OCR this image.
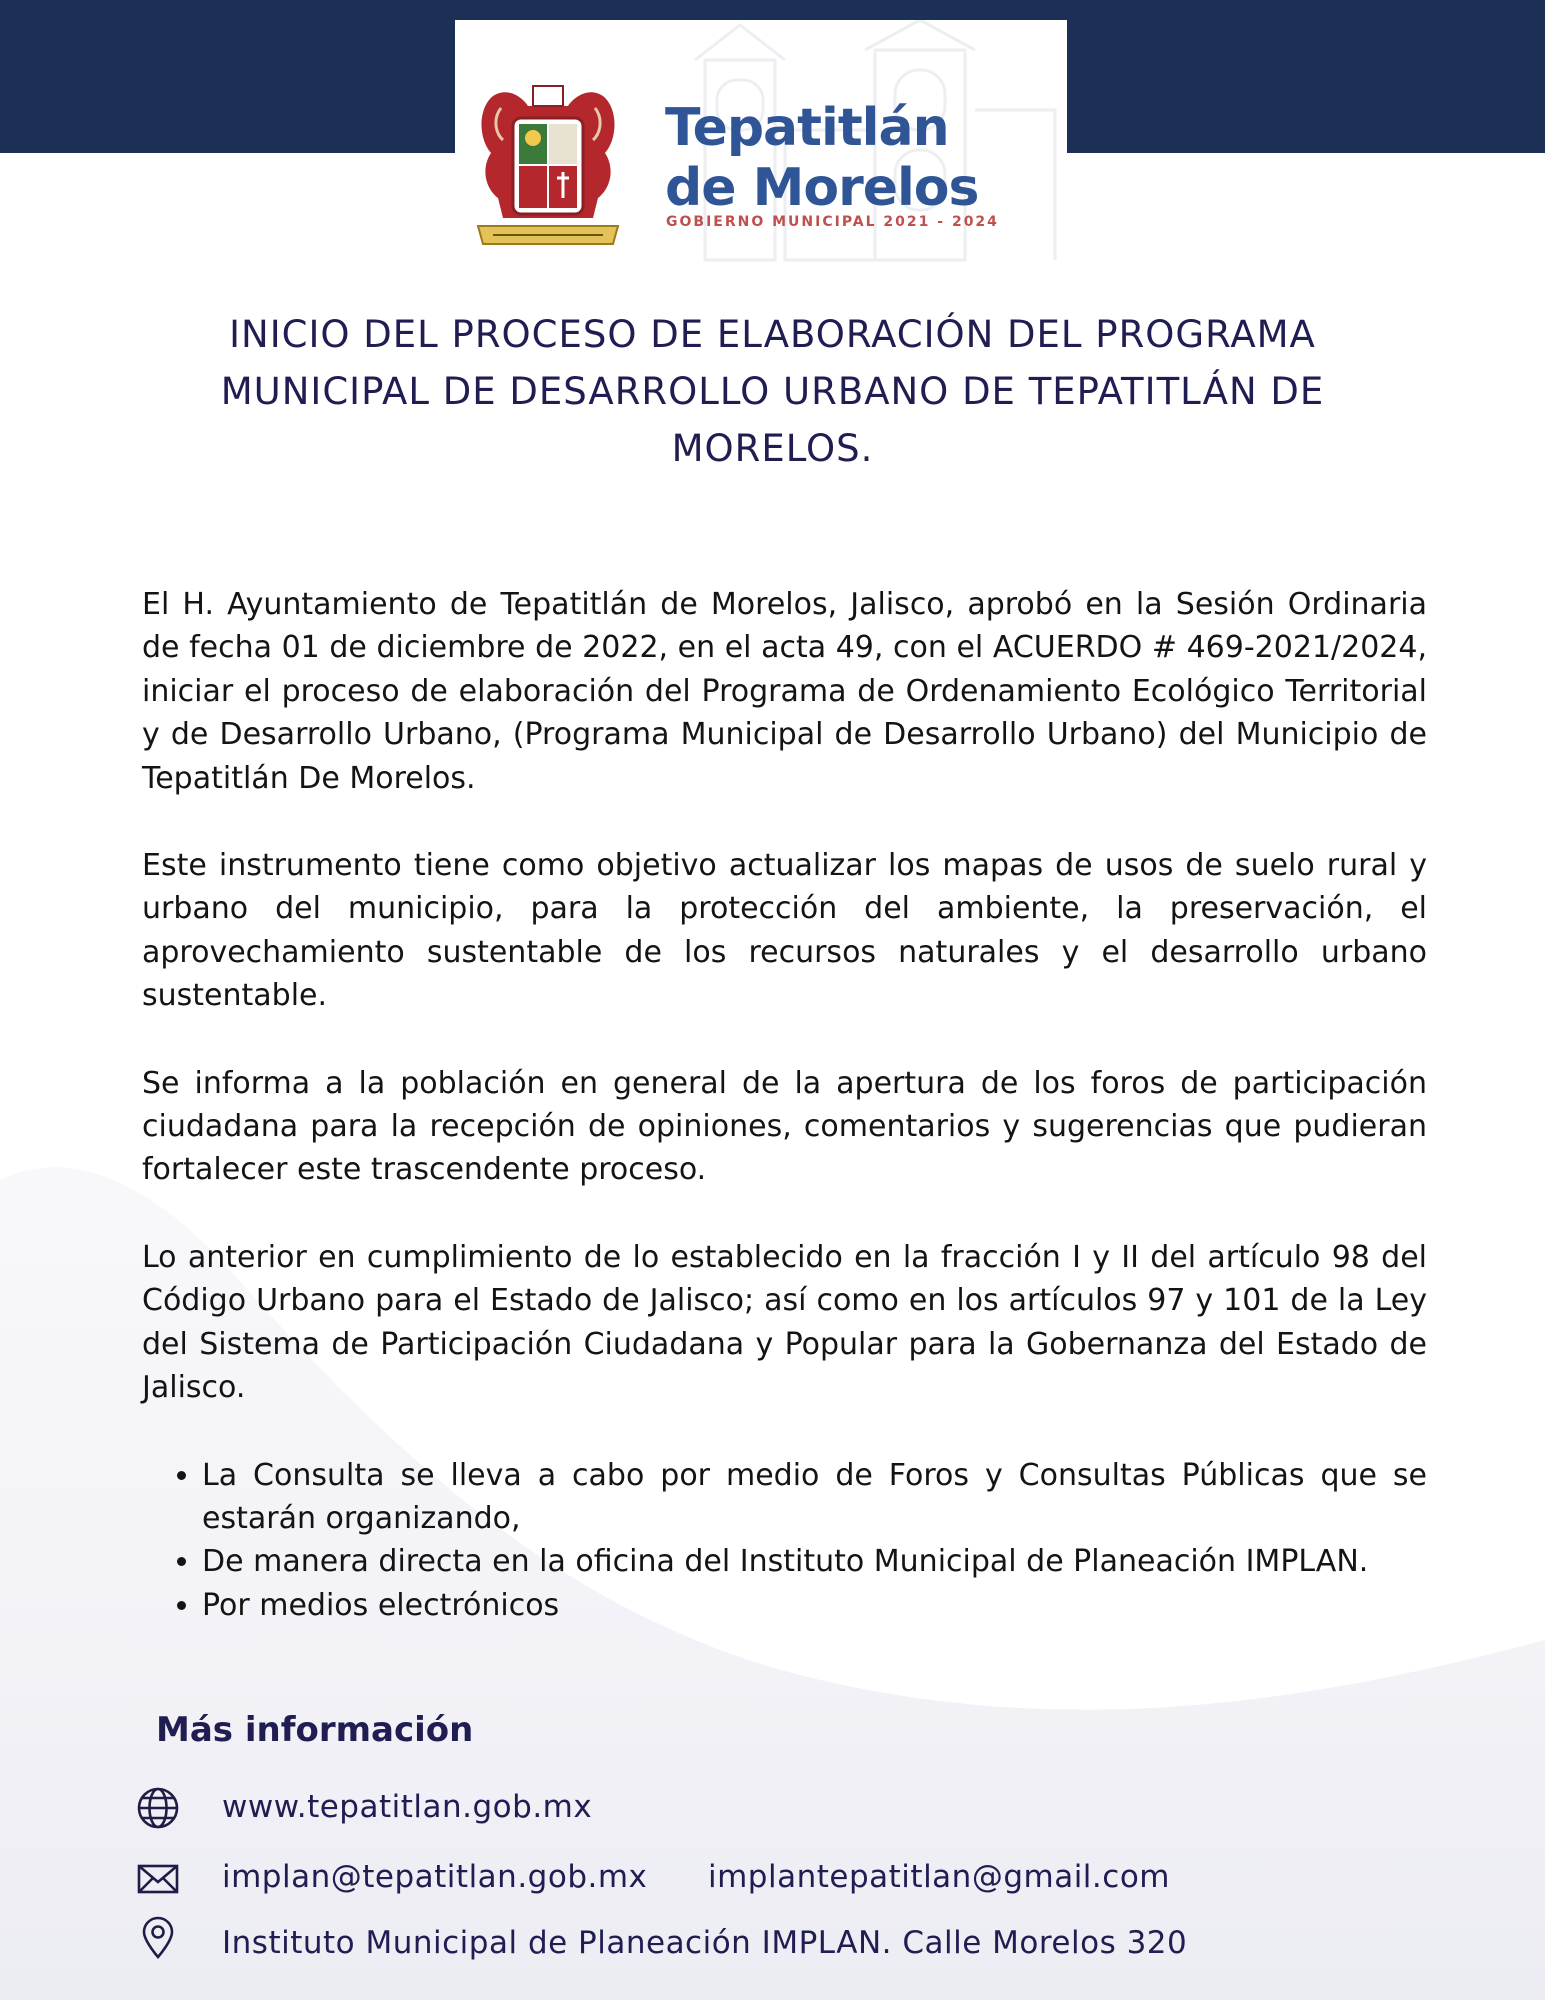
Tepatitlán
de Morelos
GOBIERNO MUNICIPAL 2021 - 2024
INICIO DEL PROCESO DE ELABORACIÓN DEL PROGRAMA MUNICIPAL DE DESARROLLO URBANO DE TEPATITLÁN DE MORELOS.

El H. Ayuntamiento de Tepatitlán de Morelos, Jalisco, aprobó en la Sesión Ordinaria de fecha 01 de diciembre de 2022, en el acta 49, con el ACUERDO # 469-2021/2024, iniciar el proceso de elaboración del Programa de Ordenamiento Ecológico Territorial y de Desarrollo Urbano, (Programa Municipal de Desarrollo Urbano) del Municipio de Tepatitlán De Morelos.

Este instrumento tiene como objetivo actualizar los mapas de usos de suelo rural y urbano del municipio, para la protección del ambiente, la preservación, el aprovechamiento sustentable de los recursos naturales y el desarrollo urbano sustentable.

Se informa a la población en general de la apertura de los foros de participación ciudadana para la recepción de opiniones, comentarios y sugerencias que pudieran fortalecer este trascendente proceso.

Lo anterior en cumplimiento de lo establecido en la fracción I y II del artículo 98 del Código Urbano para el Estado de Jalisco; así como en los artículos 97 y 101 de la Ley del Sistema de Participación Ciudadana y Popular para la Gobernanza del Estado de Jalisco.

• La Consulta se lleva a cabo por medio de Foros y Consultas Públicas que se estarán organizando,
• De manera directa en la oficina del Instituto Municipal de Planeación IMPLAN.
• Por medios electrónicos
Más información
www.tepatitlan.gob.mx
implan@tepatitlan.gob.mx implantepatitlan@gmail.com
Instituto Municipal de Planeación IMPLAN. Calle Morelos 320
